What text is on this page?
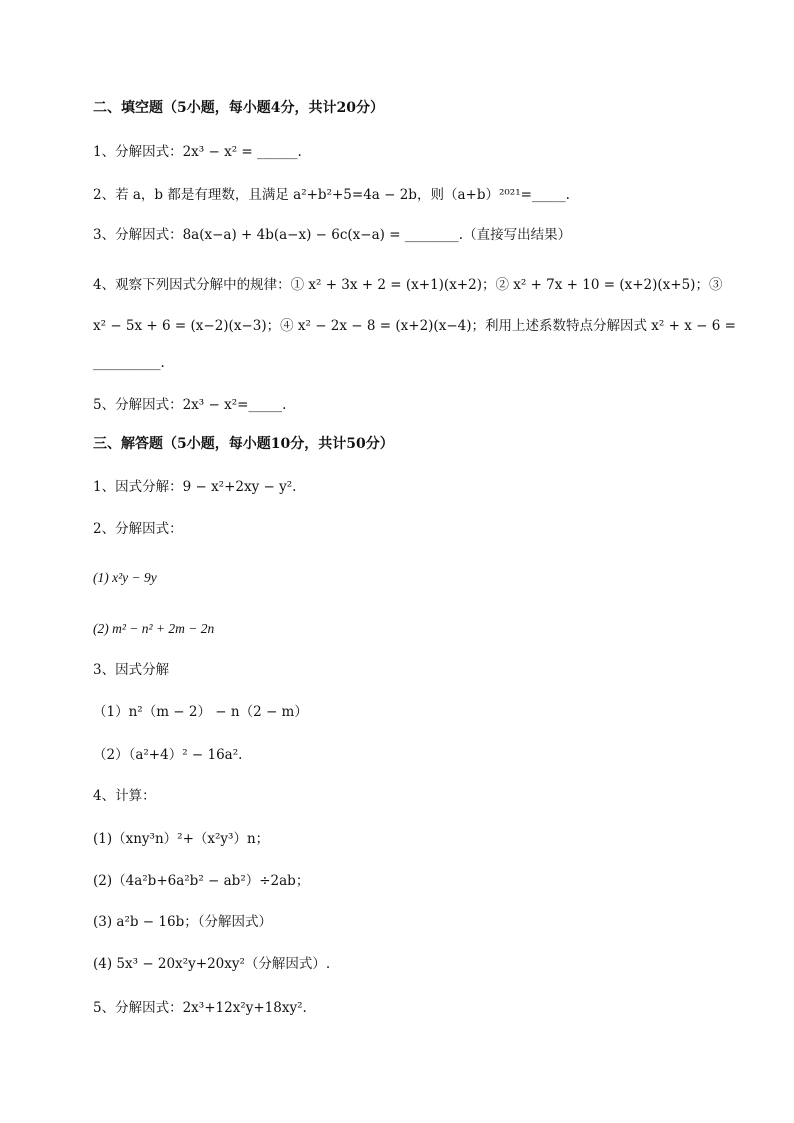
二、填空题（5小题，每小题4分，共计20分）
1、分解因式：2x³ − x² = ______.
2、若 a，b 都是有理数，且满足 a²+b²+5=4a − 2b，则（a+b）²⁰²¹=_____.
3、分解因式：8a(x−a) + 4b(a−x) − 6c(x−a) = ________.（直接写出结果）
4、观察下列因式分解中的规律：① x² + 3x + 2 = (x+1)(x+2)；② x² + 7x + 10 = (x+2)(x+5)；③
x² − 5x + 6 = (x−2)(x−3)；④ x² − 2x − 8 = (x+2)(x−4)；利用上述系数特点分解因式 x² + x − 6 =
__________.
5、分解因式：2x³ − x²=_____.
三、解答题（5小题，每小题10分，共计50分）
1、因式分解：9 − x²+2xy − y².
2、分解因式：
(1) x²y − 9y
(2) m² − n² + 2m − 2n
3、因式分解
（1）n²（m − 2） − n（2 − m）
（2）（a²+4）² − 16a².
4、计算：
(1)（xny³n）²+（x²y³）n；
(2)（4a²b+6a²b² − ab²）÷2ab；
(3) a²b − 16b；（分解因式）
(4) 5x³ − 20x²y+20xy²（分解因式）.
5、分解因式：2x³+12x²y+18xy².
